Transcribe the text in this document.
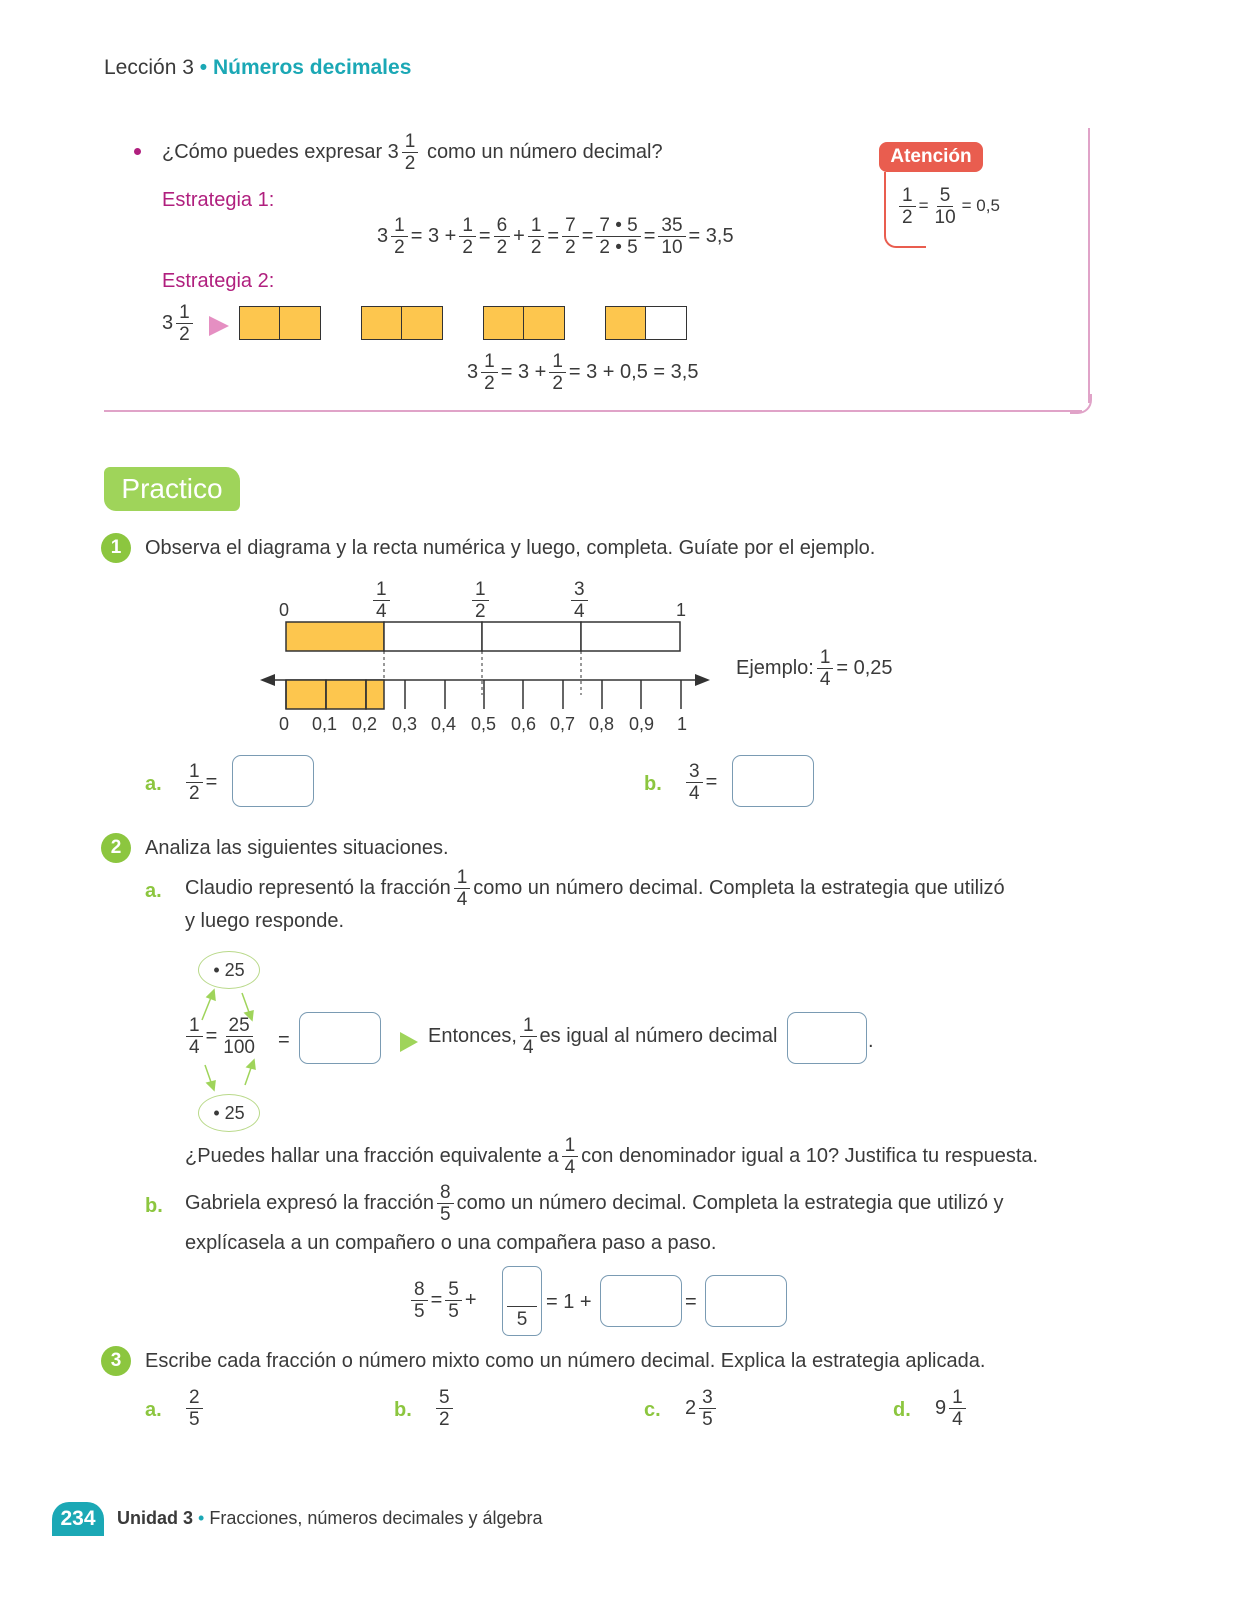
Lección 3 • Números decimales
¿Cómo puedes expresar $3 \frac{1}{2}$ como un número decimal?
Estrategia 1:
$3 \frac{1}{2} = 3 + \frac{1}{2} = \frac{6}{2} + \frac{1}{2} = \frac{7}{2} = \frac{7 • 5}{2 • 5} = \frac{35}{10} = 3,5$
Estrategia 2:
$3 \frac{1}{2}$
$3 \frac{1}{2} = 3 + \frac{1}{2} = 3 + 0,5 = 3,5$
Atención
$\frac{1}{2} = \frac{5}{10} = 0,5$
Practico
1 Observa el diagrama y la recta numérica y luego, completa. Guíate por el ejemplo.
0	$\frac{1}{4}$	$\frac{1}{2}$	$\frac{3}{4}$	1
0 0,1 0,2 0,3 0,4 0,5 0,6 0,7 0,8 0,9 1
Ejemplo: $\frac{1}{4} = 0,25$
a. $\frac{1}{2}$ =	b. $\frac{3}{4}$ =
2 Analiza las siguientes situaciones.
a. Claudio representó la fracción $\frac{1}{4}$ como un número decimal. Completa la estrategia que utilizó
y luego responde.
• 25
• 25
$\frac{1}{4} = \frac{25}{100}$ =	Entonces, $\frac{1}{4}$ es igual al número decimal	.
¿Puedes hallar una fracción equivalente a $\frac{1}{4}$ con denominador igual a 10? Justifica tu respuesta.
b. Gabriela expresó la fracción $\frac{8}{5}$ como un número decimal. Completa la estrategia que utilizó y
explícasela a un compañero o una compañera paso a paso.
$\frac{8}{5} = \frac{5}{5}$ +
5
= 1 +	=
3 Escribe cada fracción o número mixto como un número decimal. Explica la estrategia aplicada.
a. $\frac{2}{5}$	b. $\frac{5}{2}$	c. $2 \frac{3}{5}$	d. $9 \frac{1}{4}$
234 Unidad 3 • Fracciones, números decimales y álgebra
